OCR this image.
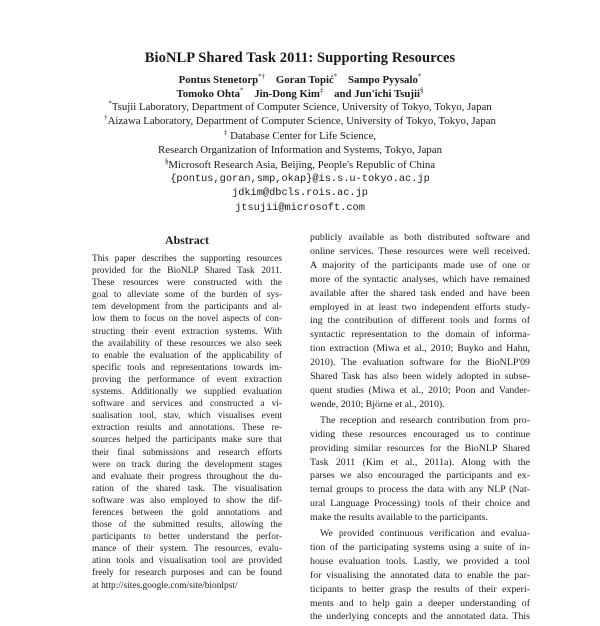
BioNLP Shared Task 2011: Supporting Resources
Pontus Stenetorp*† Goran Topić* Sampo Pyysalo*
Tomoko Ohta* Jin-Dong Kim‡ and Jun'ichi Tsujii§
*Tsujii Laboratory, Department of Computer Science, University of Tokyo, Tokyo, Japan
†Aizawa Laboratory, Department of Computer Science, University of Tokyo, Tokyo, Japan
‡ Database Center for Life Science,
Research Organization of Information and Systems, Tokyo, Japan
§Microsoft Research Asia, Beijing, People's Republic of China
{pontus,goran,smp,okap}@is.s.u-tokyo.ac.jp
jdkim@dbcls.rois.ac.jp
jtsujii@microsoft.com
Abstract
This paper describes the supporting resources
provided for the BioNLP Shared Task 2011.
These resources were constructed with the
goal to alleviate some of the burden of sys-
tem development from the participants and al-
low them to focus on the novel aspects of con-
structing their event extraction systems. With
the availability of these resources we also seek
to enable the evaluation of the applicability of
specific tools and representations towards im-
proving the performance of event extraction
systems. Additionally we supplied evaluation
software and services and constructed a vi-
sualisation tool, stav, which visualises event
extraction results and annotations. These re-
sources helped the participants make sure that
their final submissions and research efforts
were on track during the development stages
and evaluate their progress throughout the du-
ration of the shared task. The visualisation
software was also employed to show the dif-
ferences between the gold annotations and
those of the submitted results, allowing the
participants to better understand the perfor-
mance of their system. The resources, evalu-
ation tools and visualisation tool are provided
freely for research purposes and can be found
at http://sites.google.com/site/bionlpst/
publicly available as both distributed software and
online services. These resources were well received.
A majority of the participants made use of one or
more of the syntactic analyses, which have remained
available after the shared task ended and have been
employed in at least two independent efforts study-
ing the contribution of different tools and forms of
syntactic representation to the domain of informa-
tion extraction (Miwa et al., 2010; Buyko and Hahn,
2010). The evaluation software for the BioNLP'09
Shared Task has also been widely adopted in subse-
quent studies (Miwa et al., 2010; Poon and Vander-
wende, 2010; Björne et al., 2010).
The reception and research contribution from pro-
viding these resources encouraged us to continue
providing similar resources for the BioNLP Shared
Task 2011 (Kim et al., 2011a). Along with the
parses we also encouraged the participants and ex-
ternal groups to process the data with any NLP (Nat-
ural Language Processing) tools of their choice and
make the results available to the participants.
We provided continuous verification and evalua-
tion of the participating systems using a suite of in-
house evaluation tools. Lastly, we provided a tool
for visualising the annotated data to enable the par-
ticipants to better grasp the results of their experi-
ments and to help gain a deeper understanding of
the underlying concepts and the annotated data. This
